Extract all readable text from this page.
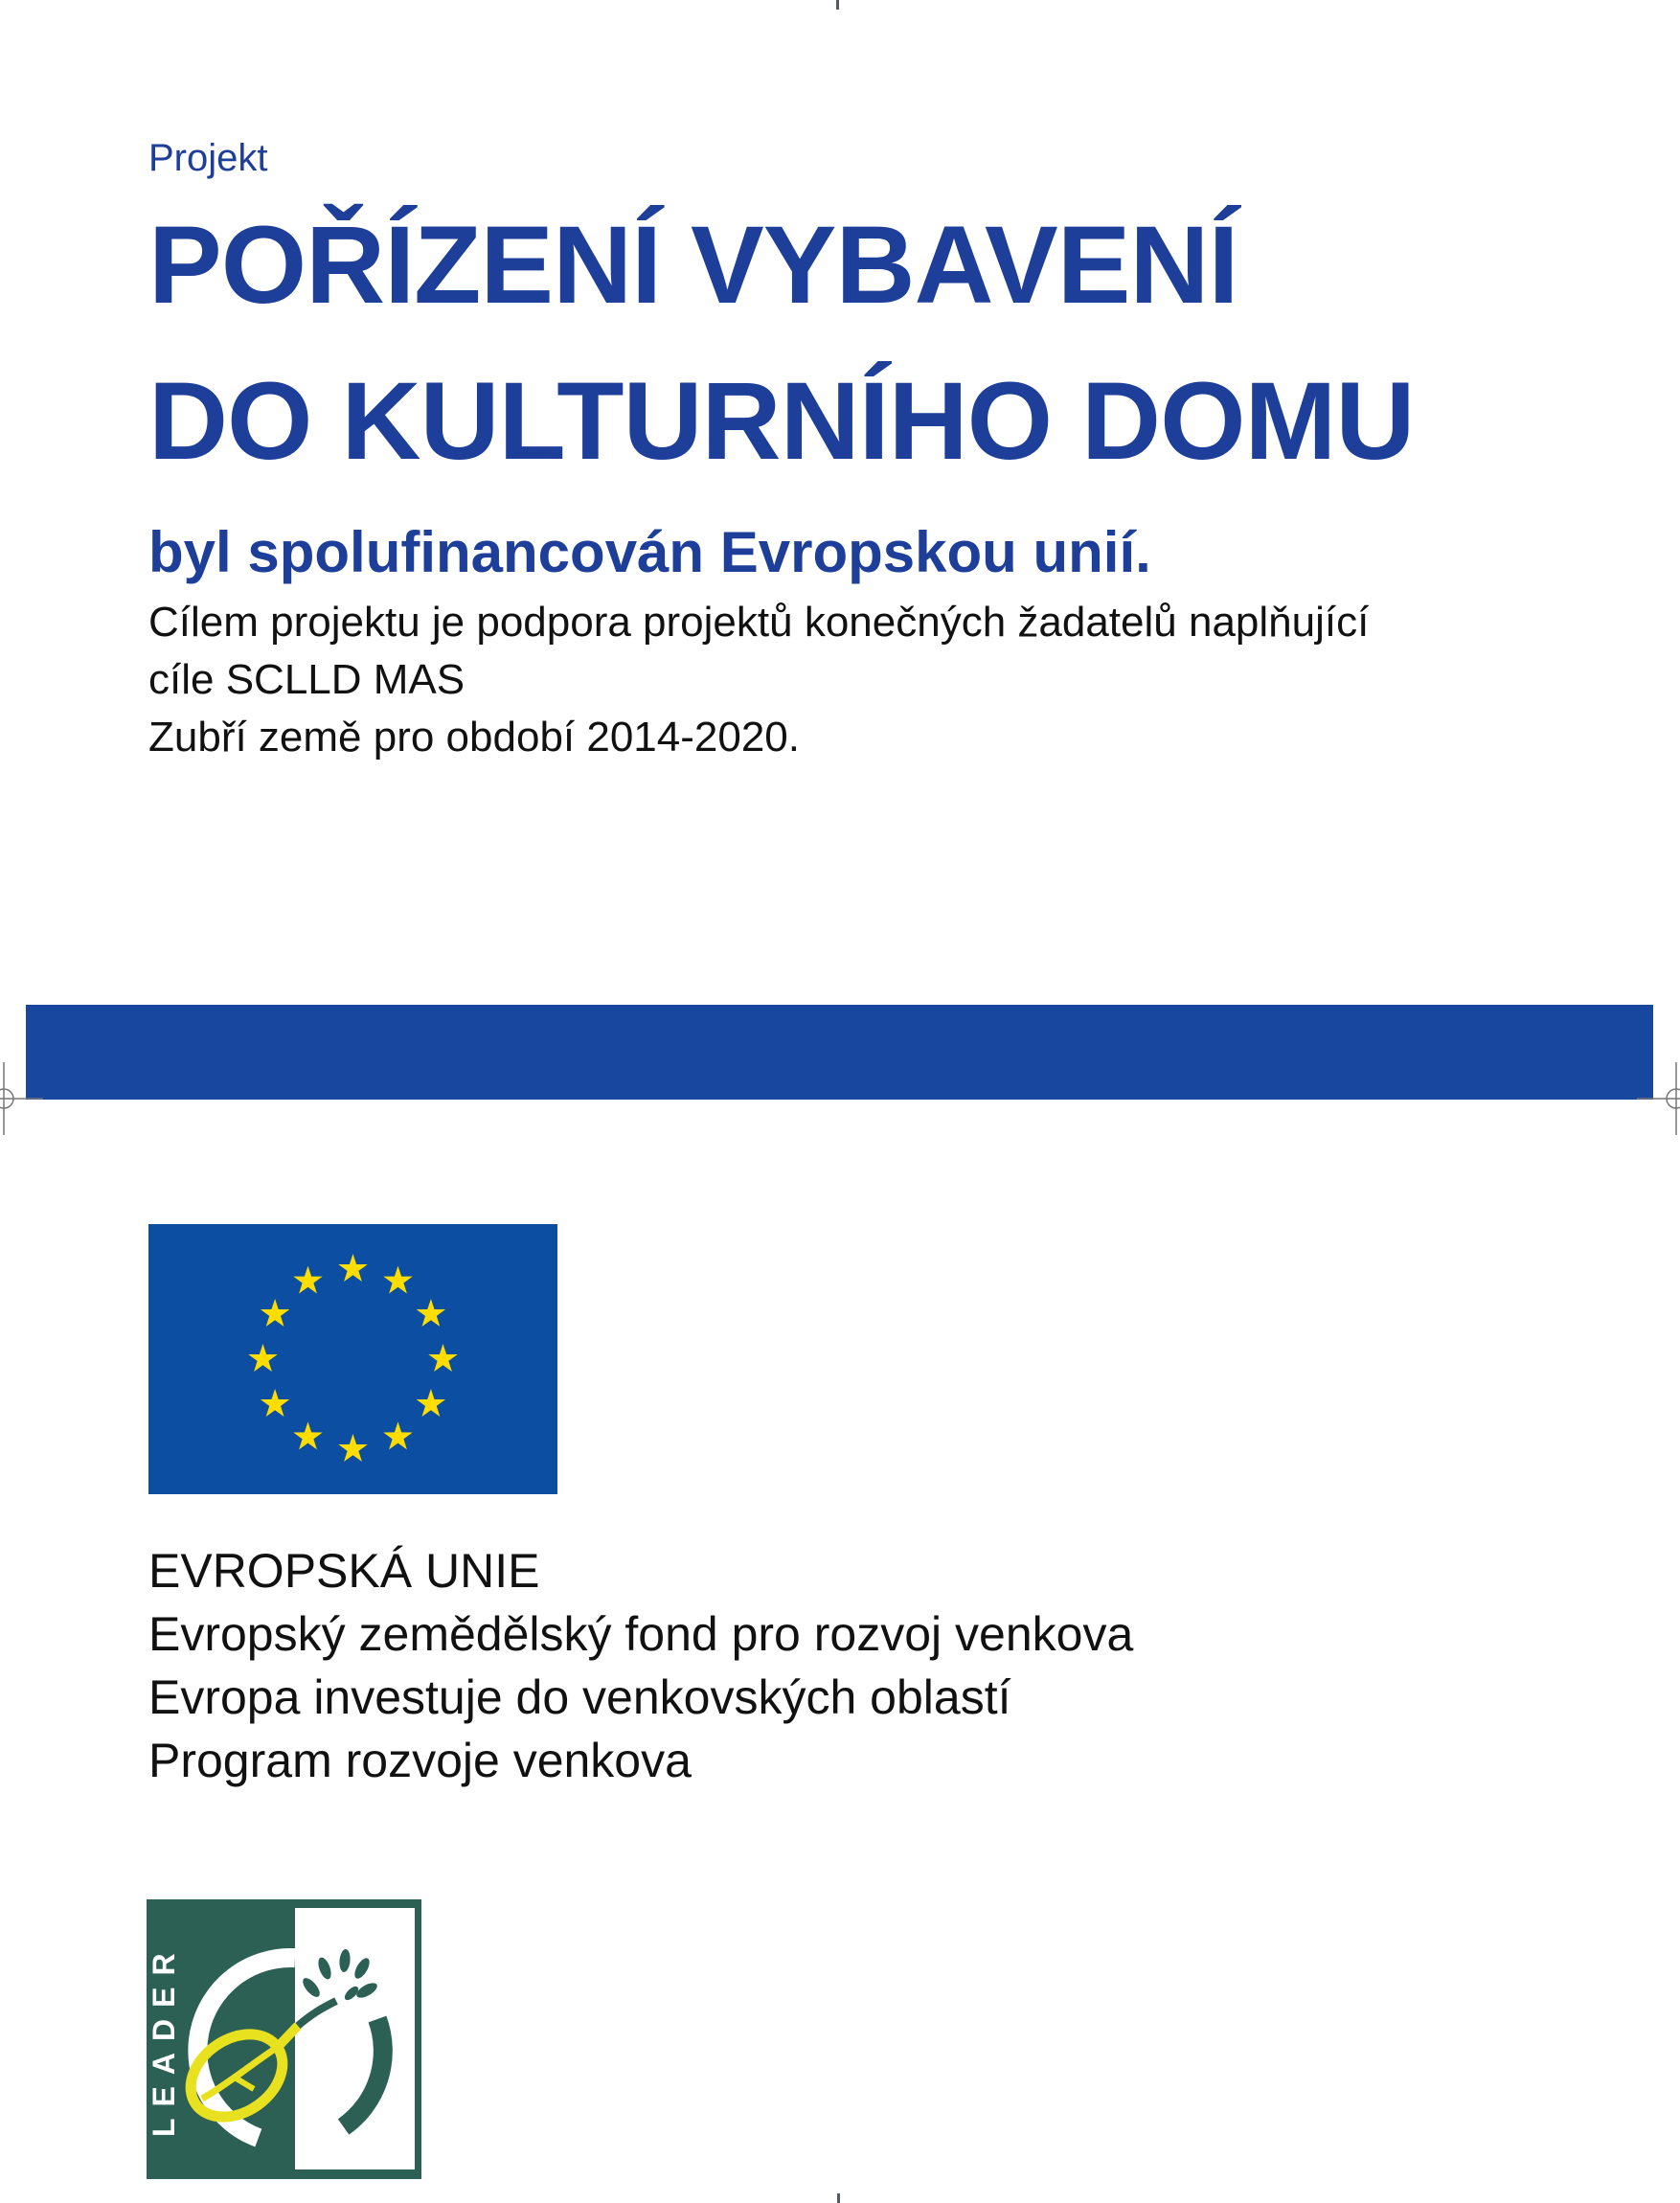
Projekt
POŘÍZENÍ VYBAVENÍ
DO KULTURNÍHO DOMU
byl spolufinancován Evropskou unií.
Cílem projektu je podpora projektů konečných žadatelů naplňující
cíle SCLLD MAS
Zubří země pro období 2014-2020.
EVROPSKÁ UNIE
Evropský zemědělský fond pro rozvoj venkova
Evropa investuje do venkovských oblastí
Program rozvoje venkova
LEADER
